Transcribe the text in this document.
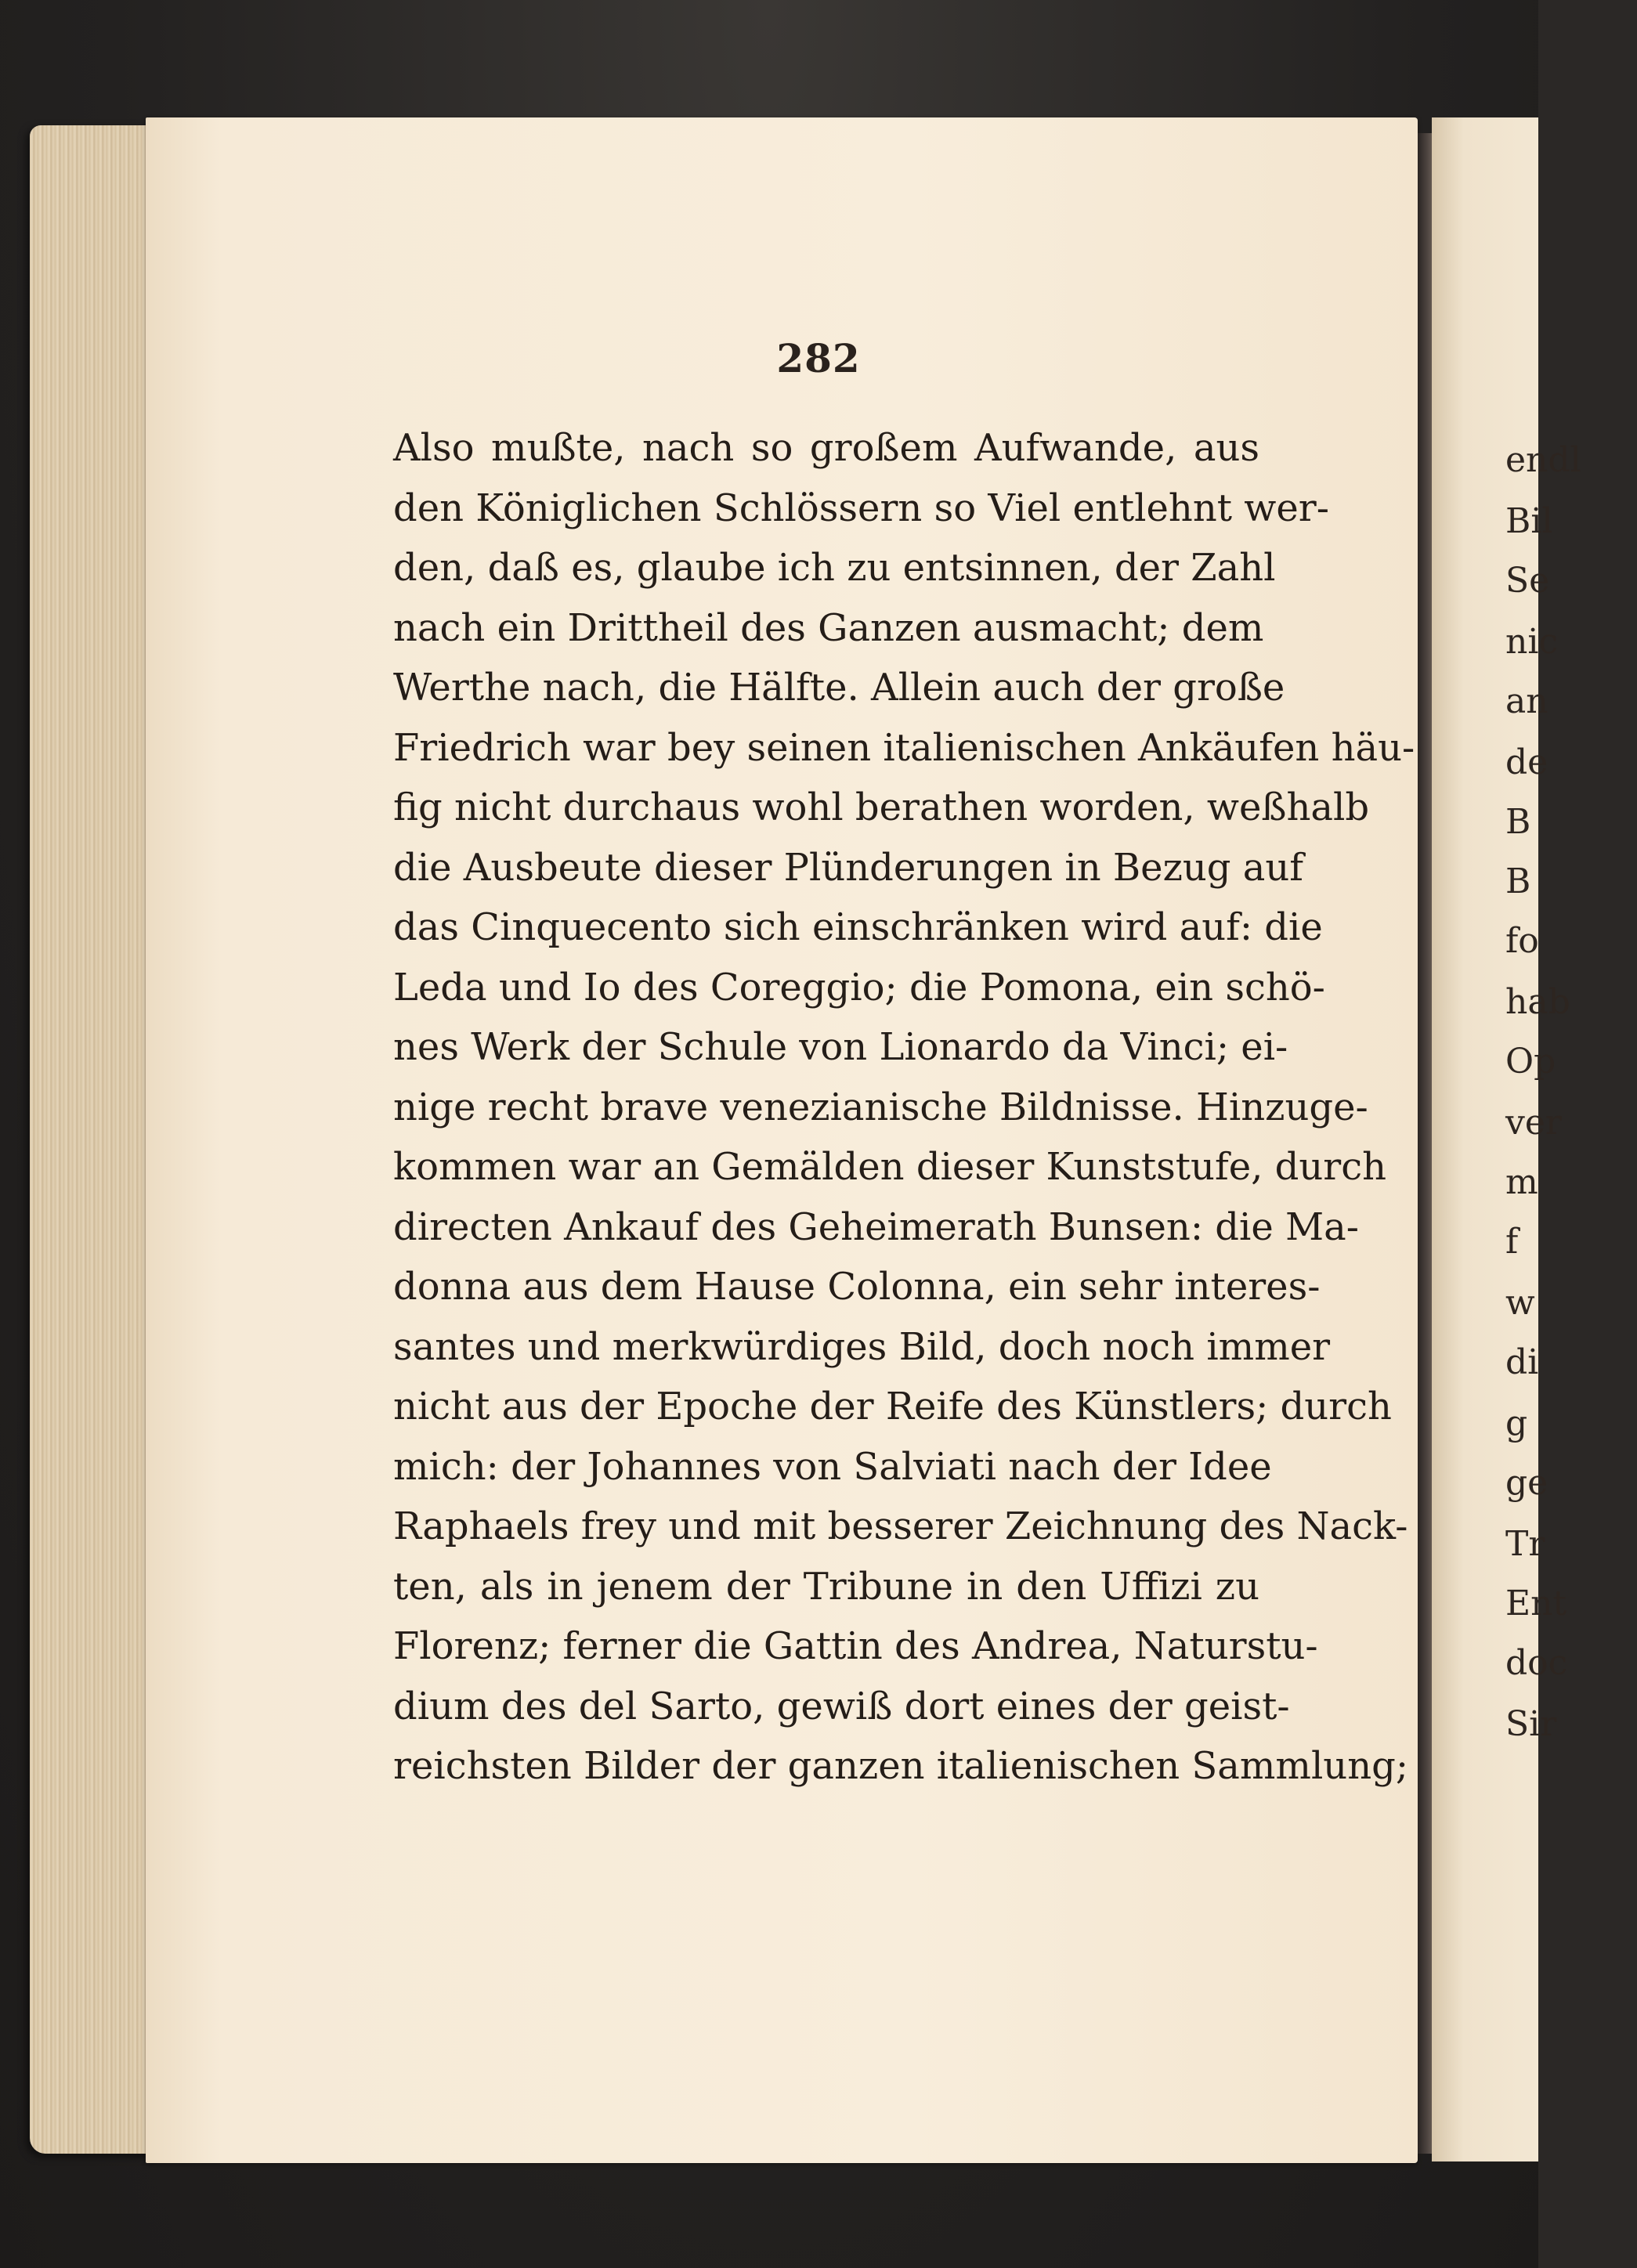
endl
Bil
Se
nic
an
de
B
B
fo
hab
Op
ver
m
f
w
di
g
ge
Tr
Ent
doc
Sir
282
Also mußte, nach so großem Aufwande, aus
den Königlichen Schlössern so Viel entlehnt wer-
den, daß es, glaube ich zu entsinnen, der Zahl
nach ein Drittheil des Ganzen ausmacht; dem
Werthe nach, die Hälfte. Allein auch der große
Friedrich war bey seinen italienischen Ankäufen häu-
fig nicht durchaus wohl berathen worden, weßhalb
die Ausbeute dieser Plünderungen in Bezug auf
das Cinquecento sich einschränken wird auf: die
Leda und Io des Coreggio; die Pomona, ein schö-
nes Werk der Schule von Lionardo da Vinci; ei-
nige recht brave venezianische Bildnisse. Hinzuge-
kommen war an Gemälden dieser Kunststufe, durch
directen Ankauf des Geheimerath Bunsen: die Ma-
donna aus dem Hause Colonna, ein sehr interes-
santes und merkwürdiges Bild, doch noch immer
nicht aus der Epoche der Reife des Künstlers; durch
mich: der Johannes von Salviati nach der Idee
Raphaels frey und mit besserer Zeichnung des Nack-
ten, als in jenem der Tribune in den Uffizi zu
Florenz; ferner die Gattin des Andrea, Naturstu-
dium des del Sarto, gewiß dort eines der geist-
reichsten Bilder der ganzen italienischen Sammlung;
